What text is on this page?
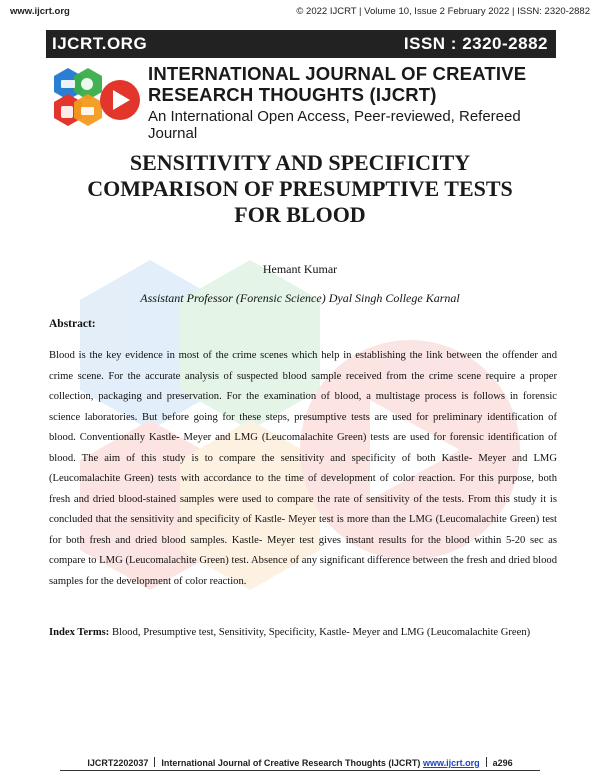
www.ijcrt.org	© 2022 IJCRT | Volume 10, Issue 2 February 2022 | ISSN: 2320-2882
IJCRT.ORG	ISSN : 2320-2882
INTERNATIONAL JOURNAL OF CREATIVE
RESEARCH THOUGHTS (IJCRT)
An International Open Access, Peer-reviewed, Refereed Journal
SENSITIVITY AND SPECIFICITY
COMPARISON OF PRESUMPTIVE TESTS
FOR BLOOD
Hemant Kumar
Assistant Professor (Forensic Science) Dyal Singh College Karnal
Abstract:

Blood is the key evidence in most of the crime scenes which help in establishing the link between the offender and crime scene. For the accurate analysis of suspected blood sample received from the crime scene require a proper collection, packaging and preservation. For the examination of blood, a multistage process is follows in forensic science laboratories. But before going for these steps, presumptive tests are used for preliminary identification of blood. Conventionally Kastle- Meyer and LMG (Leucomalachite Green) tests are used for forensic identification of blood. The aim of this study is to compare the sensitivity and specificity of both Kastle- Meyer and LMG (Leucomalachite Green) tests with accordance to the time of development of color reaction. For this purpose, both fresh and dried blood-stained samples were used to compare the rate of sensitivity of the tests. From this study it is concluded that the sensitivity and specificity of Kastle- Meyer test is more than the LMG (Leucomalachite Green) test for both fresh and dried blood samples. Kastle- Meyer test gives instant results for the blood within 5-20 sec as compare to LMG (Leucomalachite Green) test. Absence of any significant difference between the fresh and dried blood samples for the development of color reaction.

Index Terms: Blood, Presumptive test, Sensitivity, Specificity, Kastle- Meyer and LMG (Leucomalachite Green)

IJCRT2202037 International Journal of Creative Research Thoughts (IJCRT) www.ijcrt.org a296
